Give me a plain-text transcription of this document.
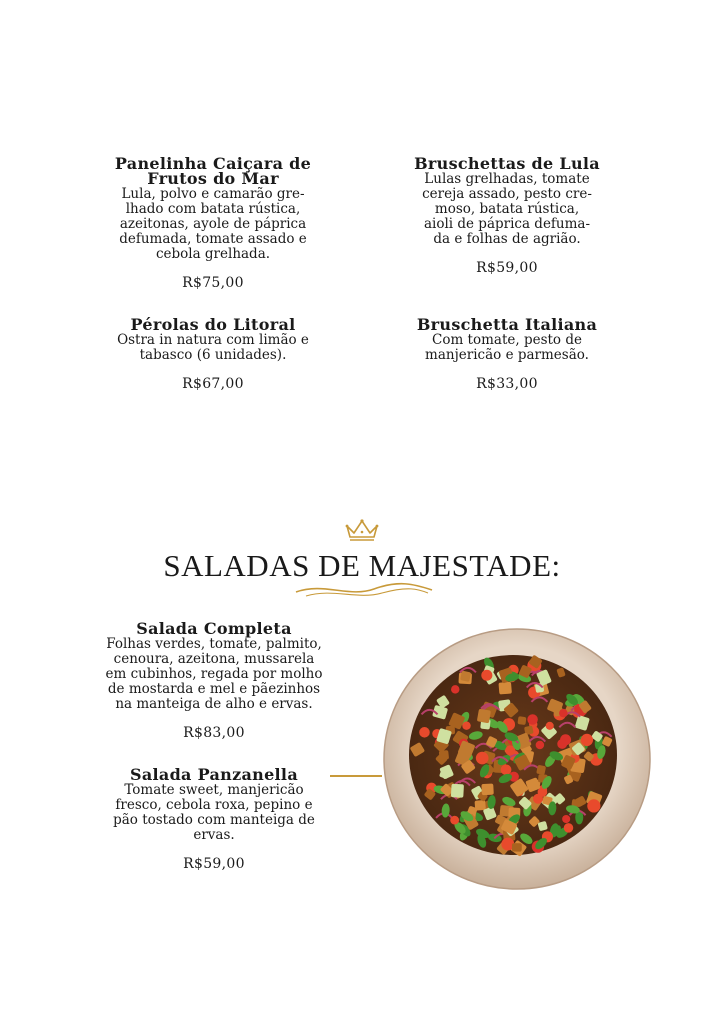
Panelinha Caiçara de Frutos do Mar
Lula, polvo e camarão gre-
lhado com batata rústica,
azeitonas, ayole de páprica
defumada, tomate assado e
cebola grelhada.
R$75,00
Bruschettas de Lula
Lulas grelhadas, tomate
cereja assado, pesto cre-
moso, batata rústica,
aioli de páprica defuma-
da e folhas de agrião.
R$59,00
Pérolas do Litoral
Ostra in natura com limão e
tabasco (6 unidades).
R$67,00
Bruschetta Italiana
Com tomate, pesto de
manjericão e parmesão.
R$33,00
SALADAS DE MAJESTADE:
Salada Completa
Folhas verdes, tomate, palmito,
cenoura, azeitona, mussarela
em cubinhos, regada por molho
de mostarda e mel e pãezinhos
na manteiga de alho e ervas.
R$83,00
Salada Panzanella
Tomate sweet, manjericão
fresco, cebola roxa, pepino e
pão tostado com manteiga de
ervas.
R$59,00
